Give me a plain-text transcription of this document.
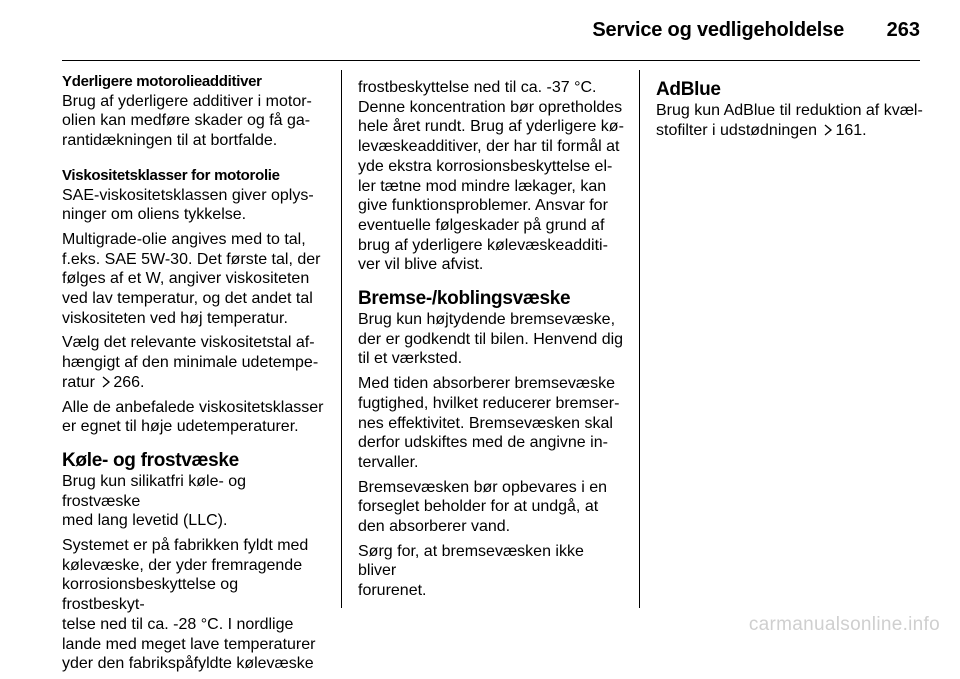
Service og vedligeholdelse 263
Yderligere motorolieadditiver
Brug af yderligere additiver i motor-
olien kan medføre skader og få ga-
rantidækningen til at bortfalde.
Viskositetsklasser for motorolie
SAE-viskositetsklassen giver oplys-
ninger om oliens tykkelse.
Multigrade-olie angives med to tal,
f.eks. SAE 5W-30. Det første tal, der
følges af et W, angiver viskositeten
ved lav temperatur, og det andet tal
viskositeten ved høj temperatur.
Vælg det relevante viskositetstal af-
hængigt af den minimale udetempe-
ratur 266.
Alle de anbefalede viskositetsklasser
er egnet til høje udetemperaturer.
Køle- og frostvæske
Brug kun silikatfri køle- og frostvæske
med lang levetid (LLC).
Systemet er på fabrikken fyldt med
kølevæske, der yder fremragende
korrosionsbeskyttelse og frostbeskyt-
telse ned til ca. -28 °C. I nordlige
lande med meget lave temperaturer
yder den fabrikspåfyldte kølevæske
frostbeskyttelse ned til ca. -37 °C.
Denne koncentration bør opretholdes
hele året rundt. Brug af yderligere kø-
levæskeadditiver, der har til formål at
yde ekstra korrosionsbeskyttelse el-
ler tætne mod mindre lækager, kan
give funktionsproblemer. Ansvar for
eventuelle følgeskader på grund af
brug af yderligere kølevæskeadditi-
ver vil blive afvist.
Bremse-/koblingsvæske
Brug kun højtydende bremsevæske,
der er godkendt til bilen. Henvend dig
til et værksted.
Med tiden absorberer bremsevæske
fugtighed, hvilket reducerer bremser-
nes effektivitet. Bremsevæsken skal
derfor udskiftes med de angivne in-
tervaller.
Bremsevæsken bør opbevares i en
forseglet beholder for at undgå, at
den absorberer vand.
Sørg for, at bremsevæsken ikke bliver
forurenet.
AdBlue
Brug kun AdBlue til reduktion af kvæl-
stofilter i udstødningen 161.
carmanualsonline.info
